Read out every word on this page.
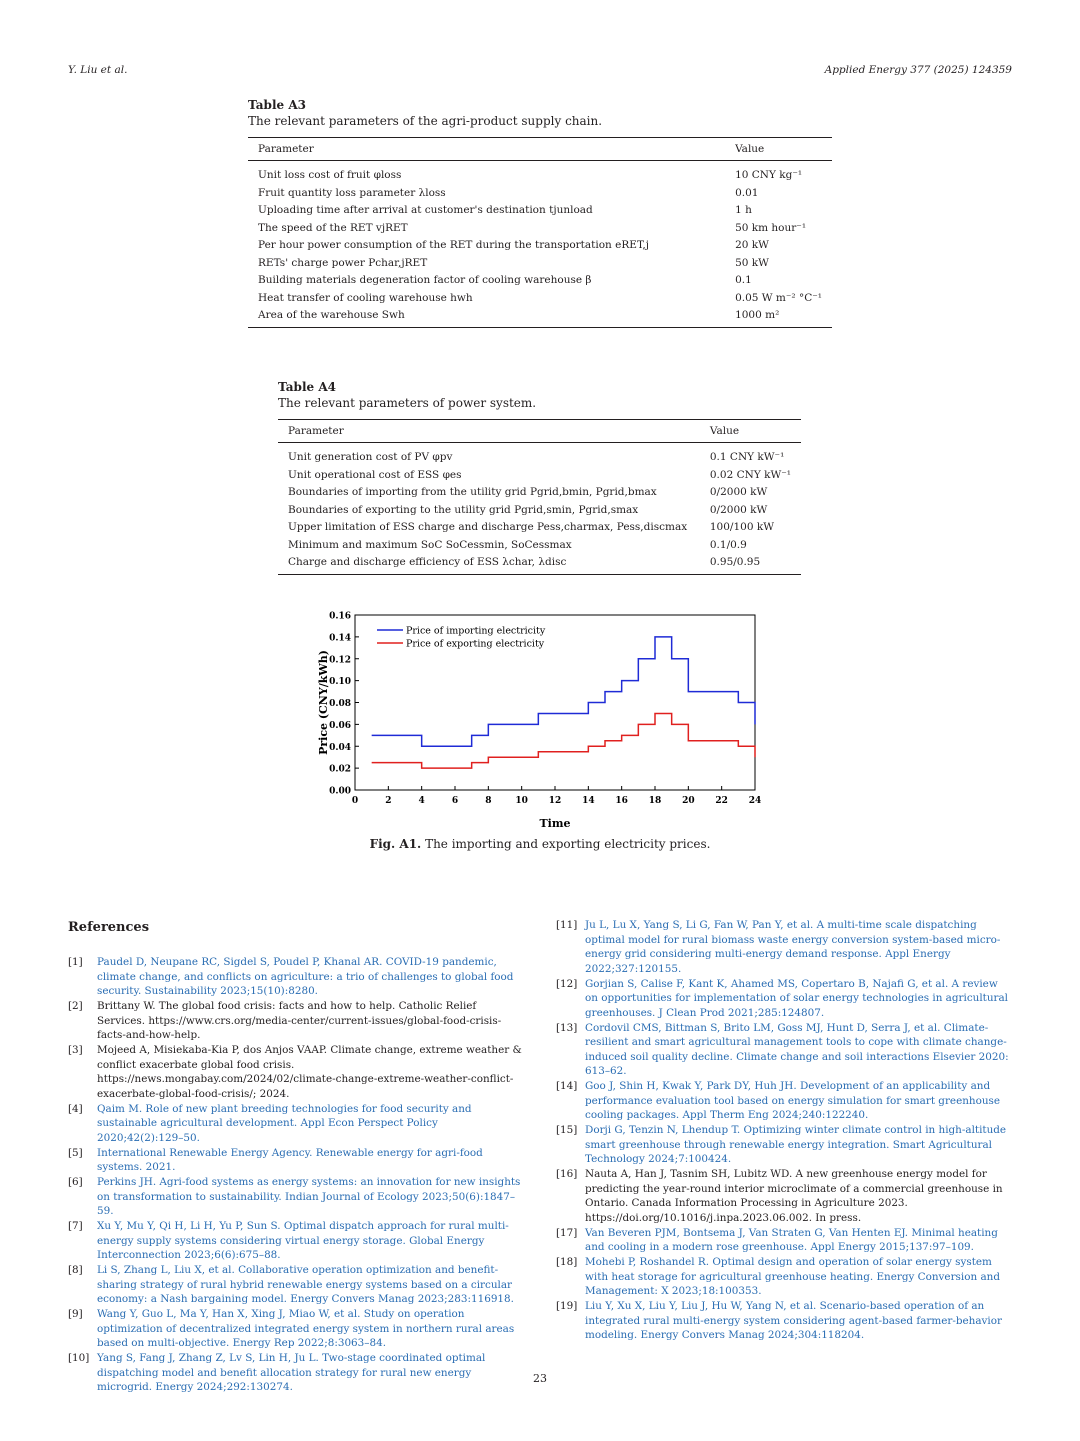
Y. Liu et al.	Applied Energy 377 (2025) 124359
Table A3
The relevant parameters of the agri-product supply chain.
Parameter	Value
Unit loss cost of fruit φloss	10 CNY kg⁻¹
Fruit quantity loss parameter λloss	0.01
Uploading time after arrival at customer's destination tjunload	1 h
The speed of the RET vjRET	50 km hour⁻¹
Per hour power consumption of the RET during the transportation eRET,j	20 kW
RETs' charge power Pchar,jRET	50 kW
Building materials degeneration factor of cooling warehouse β	0.1
Heat transfer of cooling warehouse hwh	0.05 W m⁻² °C⁻¹
Area of the warehouse Swh	1000 m²
Table A4
The relevant parameters of power system.
Parameter	Value
Unit generation cost of PV φpv	0.1 CNY kW⁻¹
Unit operational cost of ESS φes	0.02 CNY kW⁻¹
Boundaries of importing from the utility grid Pgrid,bmin, Pgrid,bmax	0/2000 kW
Boundaries of exporting to the utility grid Pgrid,smin, Pgrid,smax	0/2000 kW
Upper limitation of ESS charge and discharge Pess,charmax, Pess,discmax	100/100 kW
Minimum and maximum SoC SoCessmin, SoCessmax	0.1/0.9
Charge and discharge efficiency of ESS λchar, λdisc	0.95/0.95
0.00
0.02
0.04
0.06
0.08
0.10
0.12
0.14
0.16
0	2	4	6	8	10 12 14 16 18 20 22 24
Time
Price (CNY/kWh)
Price of importing electricity
Price of exporting electricity
Fig. A1. The importing and exporting electricity prices.
References
[1]	Paudel D, Neupane RC, Sigdel S, Poudel P, Khanal AR. COVID-19 pandemic, climate change, and conflicts on agriculture: a trio of challenges to global food security. Sustainability 2023;15(10):8280.
[2]	Brittany W. The global food crisis: facts and how to help. Catholic Relief Services. https://www.crs.org/media-center/current-issues/global-food-crisis-facts-and-how-help.
[3]	Mojeed A, Misiekaba-Kia P, dos Anjos VAAP. Climate change, extreme weather & conflict exacerbate global food crisis. https://news.mongabay.com/2024/02/climate-change-extreme-weather-conflict-exacerbate-global-food-crisis/; 2024.
[4]	Qaim M. Role of new plant breeding technologies for food security and sustainable agricultural development. Appl Econ Perspect Policy 2020;42(2):129–50.
[5]	International Renewable Energy Agency. Renewable energy for agri-food systems. 2021.
[6]	Perkins JH. Agri-food systems as energy systems: an innovation for new insights on transformation to sustainability. Indian Journal of Ecology 2023;50(6):1847–59.
[7]	Xu Y, Mu Y, Qi H, Li H, Yu P, Sun S. Optimal dispatch approach for rural multi-energy supply systems considering virtual energy storage. Global Energy Interconnection 2023;6(6):675–88.
[8]	Li S, Zhang L, Liu X, et al. Collaborative operation optimization and benefit-sharing strategy of rural hybrid renewable energy systems based on a circular economy: a Nash bargaining model. Energy Convers Manag 2023;283:116918.
[9]	Wang Y, Guo L, Ma Y, Han X, Xing J, Miao W, et al. Study on operation optimization of decentralized integrated energy system in northern rural areas based on multi-objective. Energy Rep 2022;8:3063–84.
[10] Yang S, Fang J, Zhang Z, Lv S, Lin H, Ju L. Two-stage coordinated optimal dispatching model and benefit allocation strategy for rural new energy microgrid. Energy 2024;292:130274.
[11] Ju L, Lu X, Yang S, Li G, Fan W, Pan Y, et al. A multi-time scale dispatching optimal model for rural biomass waste energy conversion system-based micro-energy grid considering multi-energy demand response. Appl Energy 2022;327:120155.
[12] Gorjian S, Calise F, Kant K, Ahamed MS, Copertaro B, Najafi G, et al. A review on opportunities for implementation of solar energy technologies in agricultural greenhouses. J Clean Prod 2021;285:124807.
[13] Cordovil CMS, Bittman S, Brito LM, Goss MJ, Hunt D, Serra J, et al. Climate-resilient and smart agricultural management tools to cope with climate change-induced soil quality decline. Climate change and soil interactions Elsevier 2020: 613–62.
[14] Goo J, Shin H, Kwak Y, Park DY, Huh JH. Development of an applicability and performance evaluation tool based on energy simulation for smart greenhouse cooling packages. Appl Therm Eng 2024;240:122240.
[15] Dorji G, Tenzin N, Lhendup T. Optimizing winter climate control in high-altitude smart greenhouse through renewable energy integration. Smart Agricultural Technology 2024;7:100424.
[16] Nauta A, Han J, Tasnim SH, Lubitz WD. A new greenhouse energy model for predicting the year-round interior microclimate of a commercial greenhouse in Ontario. Canada Information Processing in Agriculture 2023. https://doi.org/10.1016/j.inpa.2023.06.002. In press.
[17] Van Beveren PJM, Bontsema J, Van Straten G, Van Henten EJ. Minimal heating and cooling in a modern rose greenhouse. Appl Energy 2015;137:97–109.
[18] Mohebi P, Roshandel R. Optimal design and operation of solar energy system with heat storage for agricultural greenhouse heating. Energy Conversion and Management: X 2023;18:100353.
[19] Liu Y, Xu X, Liu Y, Liu J, Hu W, Yang N, et al. Scenario-based operation of an integrated rural multi-energy system considering agent-based farmer-behavior modeling. Energy Convers Manag 2024;304:118204.
23
